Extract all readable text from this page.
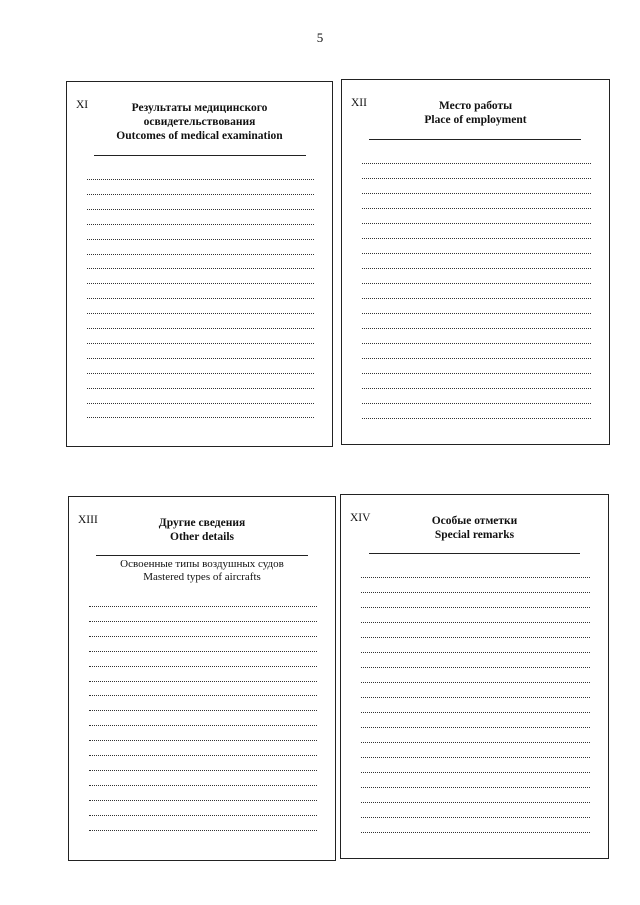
5
XI	Результаты медицинского
освидетельствования
Outcomes of medical examination
XII	Место работы
Place of employment
XIII	Другие сведения
Other details
Освоенные типы воздушных судов
Mastered types of aircrafts
XIV	Особые отметки
Special remarks
